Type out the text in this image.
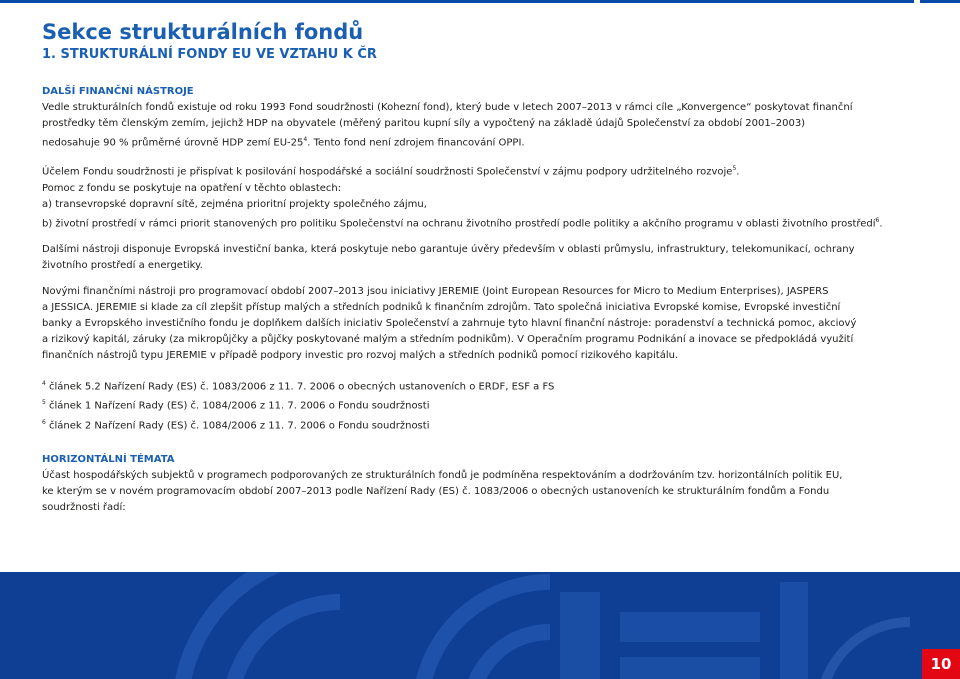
Sekce strukturálních fondů
1. STRUKTURÁLNÍ FONDY EU VE VZTAHU K ČR
DALŠÍ FINANČNÍ NÁSTROJE

Vedle strukturálních fondů existuje od roku 1993 Fond soudržnosti (Kohezní fond), který bude v letech 2007–2013 v rámci cíle „Konvergence“ poskytovat finanční
prostředky těm členským zemím, jejichž HDP na obyvatele (měřený paritou kupní síly a vypočtený na základě údajů Společenství za období 2001–2003)
nedosahuje 90 % průměrné úrovně HDP zemí $EU-25^4$. Tento fond není zdrojem financování OPPI.

Účelem Fondu soudržnosti je přispívat k posilování hospodářské a sociální soudržnosti Společenství v zájmu podpory udržitelného rozvoje$^5$.

Pomoc z fondu se poskytuje na opatření v těchto oblastech:

a) transevropské dopravní sítě, zejména prioritní projekty společného zájmu,

b) životní prostředí v rámci priorit stanovených pro politiku Společenství na ochranu životního prostředí podle politiky a akčního programu v oblasti životního prostředí$^6$.

Dalšími nástroji disponuje Evropská investiční banka, která poskytuje nebo garantuje úvěry především v oblasti průmyslu, infrastruktury, telekomunikací, ochrany
životního prostředí a energetiky.

Novými finančními nástroji pro programovací období 2007–2013 jsou iniciativy JEREMIE (Joint European Resources for Micro to Medium Enterprises), JASPERS
a JESSICA. JEREMIE si klade za cíl zlepšit přístup malých a středních podniků k finančním zdrojům. Tato společná iniciativa Evropské komise, Evropské investiční
banky a Evropského investičního fondu je doplňkem dalších iniciativ Společenství a zahrnuje tyto hlavní finanční nástroje: poradenství a technická pomoc, akciový
a rizikový kapitál, záruky (za mikropůjčky a půjčky poskytované malým a středním podnikům). V Operačním programu Podnikání a inovace se předpokládá využití
finančních nástrojů typu JEREMIE v případě podpory investic pro rozvoj malých a středních podniků pomocí rizikového kapitálu.

$^4$ článek 5.2 Nařízení Rady (ES) č. 1083/2006 z 11. 7. 2006 o obecných ustanoveních o ERDF, ESF a FS
$^5$ článek 1 Nařízení Rady (ES) č. 1084/2006 z 11. 7. 2006 o Fondu soudržnosti
$^6$ článek 2 Nařízení Rady (ES) č. 1084/2006 z 11. 7. 2006 o Fondu soudržnosti
HORIZONTÁLNÍ TÉMATA

Účast hospodářských subjektů v programech podporovaných ze strukturálních fondů je podmíněna respektováním a dodržováním tzv. horizontálních politik EU,
ke kterým se v novém programovacím období 2007–2013 podle Nařízení Rady (ES) č. 1083/2006 o obecných ustanoveních ke strukturálním fondům a Fondu
soudržnosti řadí:

10
